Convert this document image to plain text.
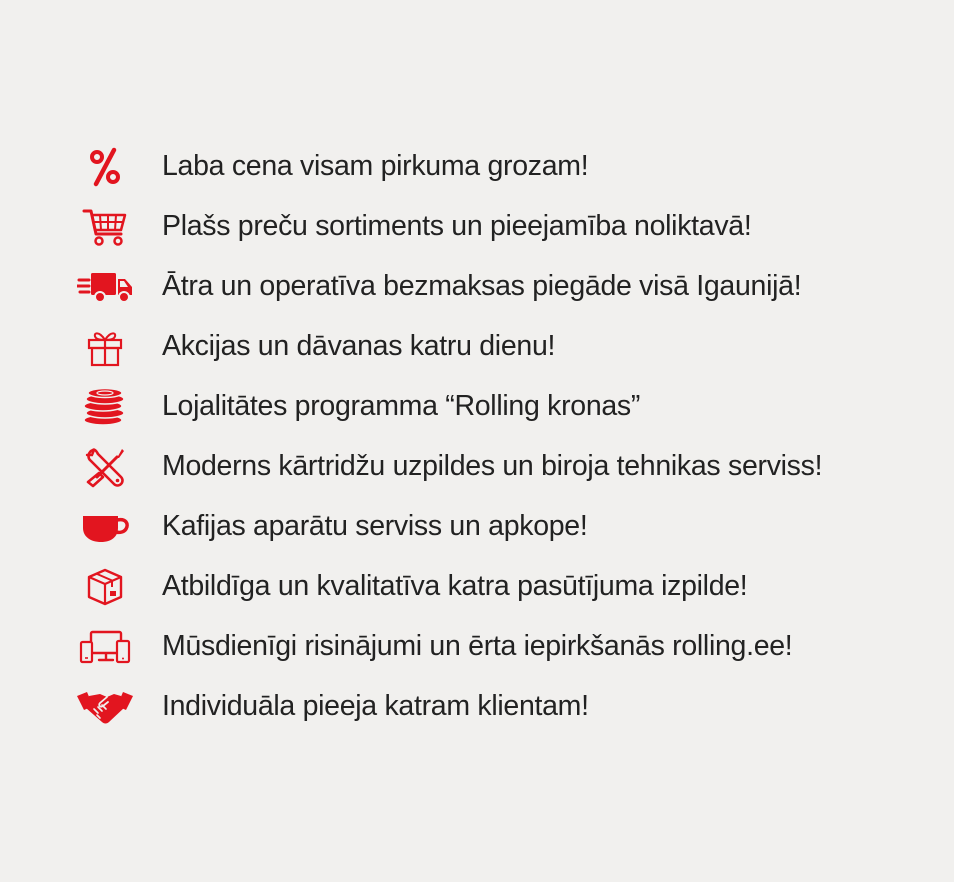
Laba cena visam pirkuma grozam!
Plašs preču sortiments un pieejamība noliktavā!
Ātra un operatīva bezmaksas piegāde visā Igaunijā!
Akcijas un dāvanas katru dienu!
Lojalitātes programma “Rolling kronas”
Moderns kārtridžu uzpildes un biroja tehnikas serviss!
Kafijas aparātu serviss un apkope!
Atbildīga un kvalitatīva katra pasūtījuma izpilde!
Mūsdienīgi risinājumi un ērta iepirkšanās rolling.ee!
Individuāla pieeja katram klientam!
